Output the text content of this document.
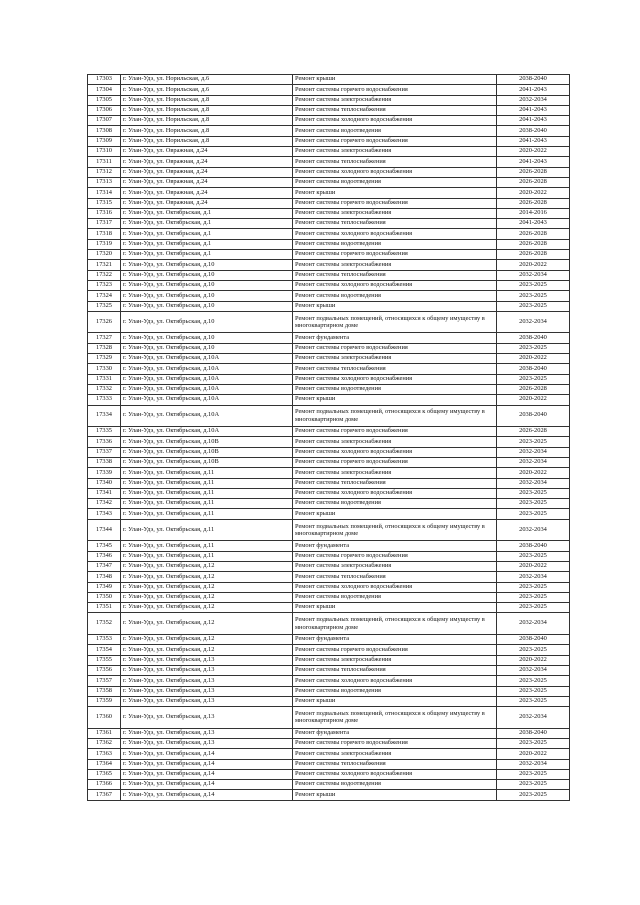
17303	г. Улан-Удэ, ул. Норильская, д.6	Ремонт крыши	2038-2040
17304	г. Улан-Удэ, ул. Норильская, д.6	Ремонт системы горячего водоснабжения	2041-2043
17305	г. Улан-Удэ, ул. Норильская, д.8	Ремонт системы электроснабжения	2032-2034
17306	г. Улан-Удэ, ул. Норильская, д.8	Ремонт системы теплоснабжения	2041-2043
17307	г. Улан-Удэ, ул. Норильская, д.8	Ремонт системы холодного водоснабжения	2041-2043
17308	г. Улан-Удэ, ул. Норильская, д.8	Ремонт системы водоотведения	2038-2040
17309	г. Улан-Удэ, ул. Норильская, д.8	Ремонт системы горячего водоснабжения	2041-2043
17310	г. Улан-Удэ, ул. Овражная, д.24	Ремонт системы электроснабжения	2020-2022
17311	г. Улан-Удэ, ул. Овражная, д.24	Ремонт системы теплоснабжения	2041-2043
17312	г. Улан-Удэ, ул. Овражная, д.24	Ремонт системы холодного водоснабжения	2026-2028
17313	г. Улан-Удэ, ул. Овражная, д.24	Ремонт системы водоотведения	2026-2028
17314	г. Улан-Удэ, ул. Овражная, д.24	Ремонт крыши	2020-2022
17315	г. Улан-Удэ, ул. Овражная, д.24	Ремонт системы горячего водоснабжения	2026-2028
17316	г. Улан-Удэ, ул. Октябрьская, д.1	Ремонт системы электроснабжения	2014-2016
17317	г. Улан-Удэ, ул. Октябрьская, д.1	Ремонт системы теплоснабжения	2041-2043
17318	г. Улан-Удэ, ул. Октябрьская, д.1	Ремонт системы холодного водоснабжения	2026-2028
17319	г. Улан-Удэ, ул. Октябрьская, д.1	Ремонт системы водоотведения	2026-2028
17320	г. Улан-Удэ, ул. Октябрьская, д.1	Ремонт системы горячего водоснабжения	2026-2028
17321	г. Улан-Удэ, ул. Октябрьская, д.10	Ремонт системы электроснабжения	2020-2022
17322	г. Улан-Удэ, ул. Октябрьская, д.10	Ремонт системы теплоснабжения	2032-2034
17323	г. Улан-Удэ, ул. Октябрьская, д.10	Ремонт системы холодного водоснабжения	2023-2025
17324	г. Улан-Удэ, ул. Октябрьская, д.10	Ремонт системы водоотведения	2023-2025
17325	г. Улан-Удэ, ул. Октябрьская, д.10	Ремонт крыши	2023-2025
17326	г. Улан-Удэ, ул. Октябрьская, д.10	Ремонт подвальных помещений, относящихся к общему имуществу в многоквартирном доме	2032-2034
17327	г. Улан-Удэ, ул. Октябрьская, д.10	Ремонт фундамента	2038-2040
17328	г. Улан-Удэ, ул. Октябрьская, д.10	Ремонт системы горячего водоснабжения	2023-2025
17329	г. Улан-Удэ, ул. Октябрьская, д.10А	Ремонт системы электроснабжения	2020-2022
17330	г. Улан-Удэ, ул. Октябрьская, д.10А	Ремонт системы теплоснабжения	2038-2040
17331	г. Улан-Удэ, ул. Октябрьская, д.10А	Ремонт системы холодного водоснабжения	2023-2025
17332	г. Улан-Удэ, ул. Октябрьская, д.10А	Ремонт системы водоотведения	2026-2028
17333	г. Улан-Удэ, ул. Октябрьская, д.10А	Ремонт крыши	2020-2022
17334	г. Улан-Удэ, ул. Октябрьская, д.10А	Ремонт подвальных помещений, относящихся к общему имуществу в многоквартирном доме	2038-2040
17335	г. Улан-Удэ, ул. Октябрьская, д.10А	Ремонт системы горячего водоснабжения	2026-2028
17336	г. Улан-Удэ, ул. Октябрьская, д.10В	Ремонт системы электроснабжения	2023-2025
17337	г. Улан-Удэ, ул. Октябрьская, д.10В	Ремонт системы холодного водоснабжения	2032-2034
17338	г. Улан-Удэ, ул. Октябрьская, д.10В	Ремонт системы горячего водоснабжения	2032-2034
17339	г. Улан-Удэ, ул. Октябрьская, д.11	Ремонт системы электроснабжения	2020-2022
17340	г. Улан-Удэ, ул. Октябрьская, д.11	Ремонт системы теплоснабжения	2032-2034
17341	г. Улан-Удэ, ул. Октябрьская, д.11	Ремонт системы холодного водоснабжения	2023-2025
17342	г. Улан-Удэ, ул. Октябрьская, д.11	Ремонт системы водоотведения	2023-2025
17343	г. Улан-Удэ, ул. Октябрьская, д.11	Ремонт крыши	2023-2025
17344	г. Улан-Удэ, ул. Октябрьская, д.11	Ремонт подвальных помещений, относящихся к общему имуществу в многоквартирном доме	2032-2034
17345	г. Улан-Удэ, ул. Октябрьская, д.11	Ремонт фундамента	2038-2040
17346	г. Улан-Удэ, ул. Октябрьская, д.11	Ремонт системы горячего водоснабжения	2023-2025
17347	г. Улан-Удэ, ул. Октябрьская, д.12	Ремонт системы электроснабжения	2020-2022
17348	г. Улан-Удэ, ул. Октябрьская, д.12	Ремонт системы теплоснабжения	2032-2034
17349	г. Улан-Удэ, ул. Октябрьская, д.12	Ремонт системы холодного водоснабжения	2023-2025
17350	г. Улан-Удэ, ул. Октябрьская, д.12	Ремонт системы водоотведения	2023-2025
17351	г. Улан-Удэ, ул. Октябрьская, д.12	Ремонт крыши	2023-2025
17352	г. Улан-Удэ, ул. Октябрьская, д.12	Ремонт подвальных помещений, относящихся к общему имуществу в многоквартирном доме	2032-2034
17353	г. Улан-Удэ, ул. Октябрьская, д.12	Ремонт фундамента	2038-2040
17354	г. Улан-Удэ, ул. Октябрьская, д.12	Ремонт системы горячего водоснабжения	2023-2025
17355	г. Улан-Удэ, ул. Октябрьская, д.13	Ремонт системы электроснабжения	2020-2022
17356	г. Улан-Удэ, ул. Октябрьская, д.13	Ремонт системы теплоснабжения	2032-2034
17357	г. Улан-Удэ, ул. Октябрьская, д.13	Ремонт системы холодного водоснабжения	2023-2025
17358	г. Улан-Удэ, ул. Октябрьская, д.13	Ремонт системы водоотведения	2023-2025
17359	г. Улан-Удэ, ул. Октябрьская, д.13	Ремонт крыши	2023-2025
17360	г. Улан-Удэ, ул. Октябрьская, д.13	Ремонт подвальных помещений, относящихся к общему имуществу в многоквартирном доме	2032-2034
17361	г. Улан-Удэ, ул. Октябрьская, д.13	Ремонт фундамента	2038-2040
17362	г. Улан-Удэ, ул. Октябрьская, д.13	Ремонт системы горячего водоснабжения	2023-2025
17363	г. Улан-Удэ, ул. Октябрьская, д.14	Ремонт системы электроснабжения	2020-2022
17364	г. Улан-Удэ, ул. Октябрьская, д.14	Ремонт системы теплоснабжения	2032-2034
17365	г. Улан-Удэ, ул. Октябрьская, д.14	Ремонт системы холодного водоснабжения	2023-2025
17366	г. Улан-Удэ, ул. Октябрьская, д.14	Ремонт системы водоотведения	2023-2025
17367	г. Улан-Удэ, ул. Октябрьская, д.14	Ремонт крыши	2023-2025
